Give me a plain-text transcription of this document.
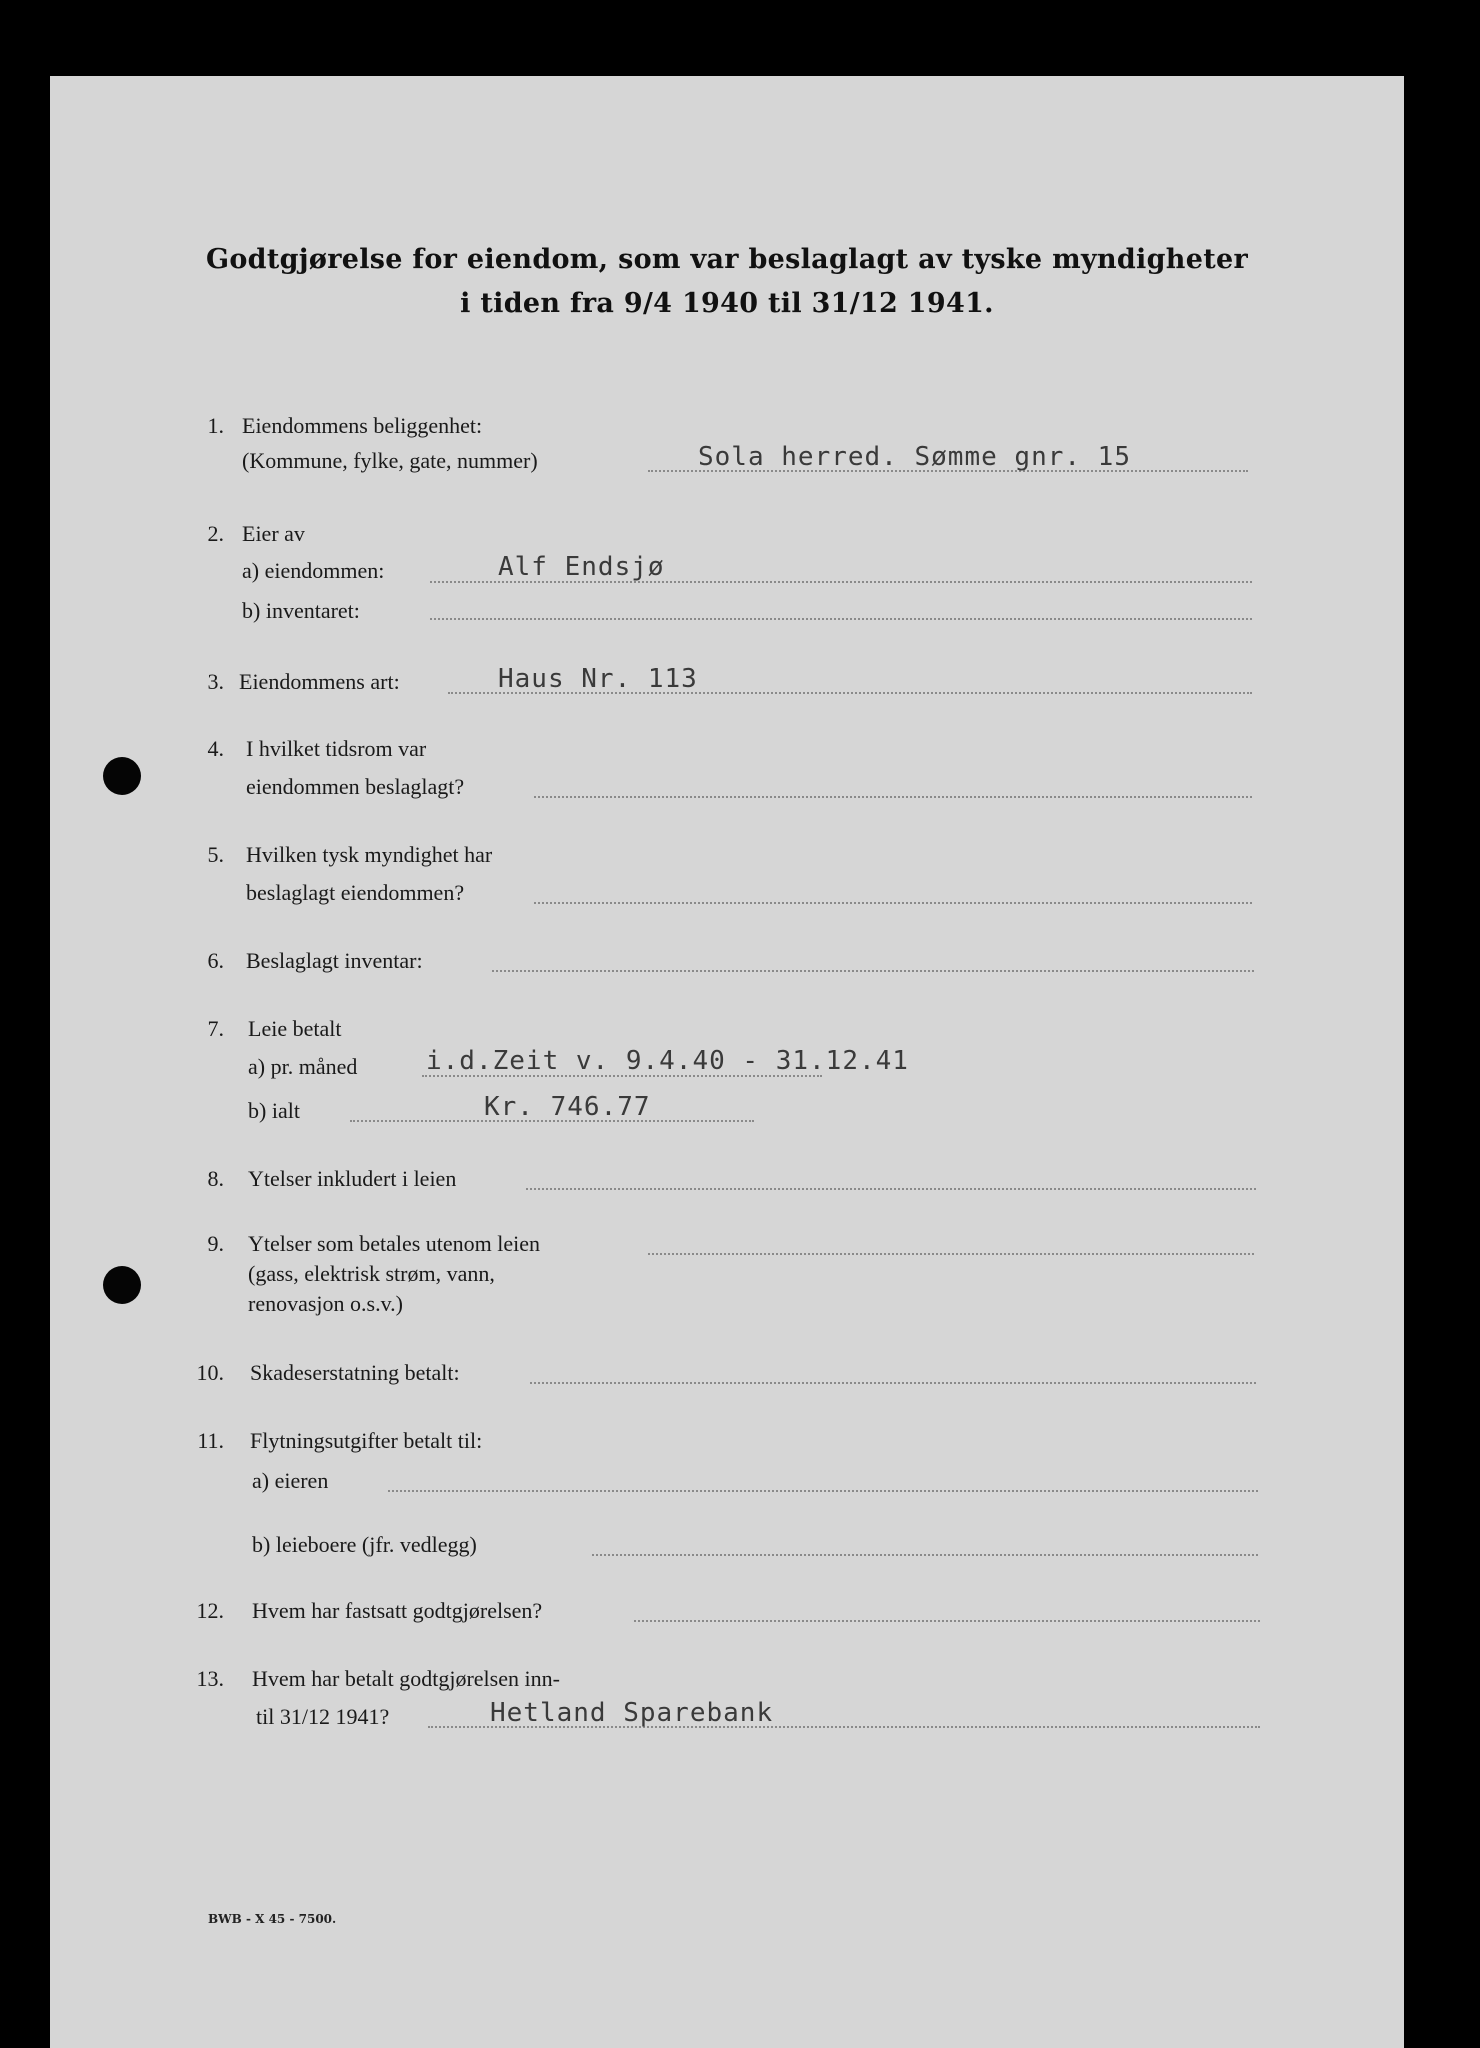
Godtgjørelse for eiendom, som var beslaglagt av tyske myndigheter
i tiden fra 9/4 1940 til 31/12 1941.
1. Eiendommens beliggenhet:
(Kommune, fylke, gate, nummer)	Sola herred. Sømme gnr. 15
2. Eier av
a) eiendommen:	Alf Endsjø
b) inventaret:
3. Eiendommens art:	Haus Nr. 113
4. I hvilket tidsrom var
eiendommen beslaglagt?
5. Hvilken tysk myndighet har
beslaglagt eiendommen?
6. Beslaglagt inventar:
7. Leie betalt
a) pr. måned	i.d.Zeit v. 9.4.40 - 31.12.41
b) ialt	Kr. 746.77
8. Ytelser inkludert i leien
9. Ytelser som betales utenom leien
(gass, elektrisk strøm, vann,
renovasjon o.s.v.)
10. Skadeserstatning betalt:
11. Flytningsutgifter betalt til:
a) eieren
b) leieboere (jfr. vedlegg)
12. Hvem har fastsatt godtgjørelsen?
13. Hvem har betalt godtgjørelsen inn-
til 31/12 1941?	Hetland Sparebank
BWB - X 45 - 7500.
